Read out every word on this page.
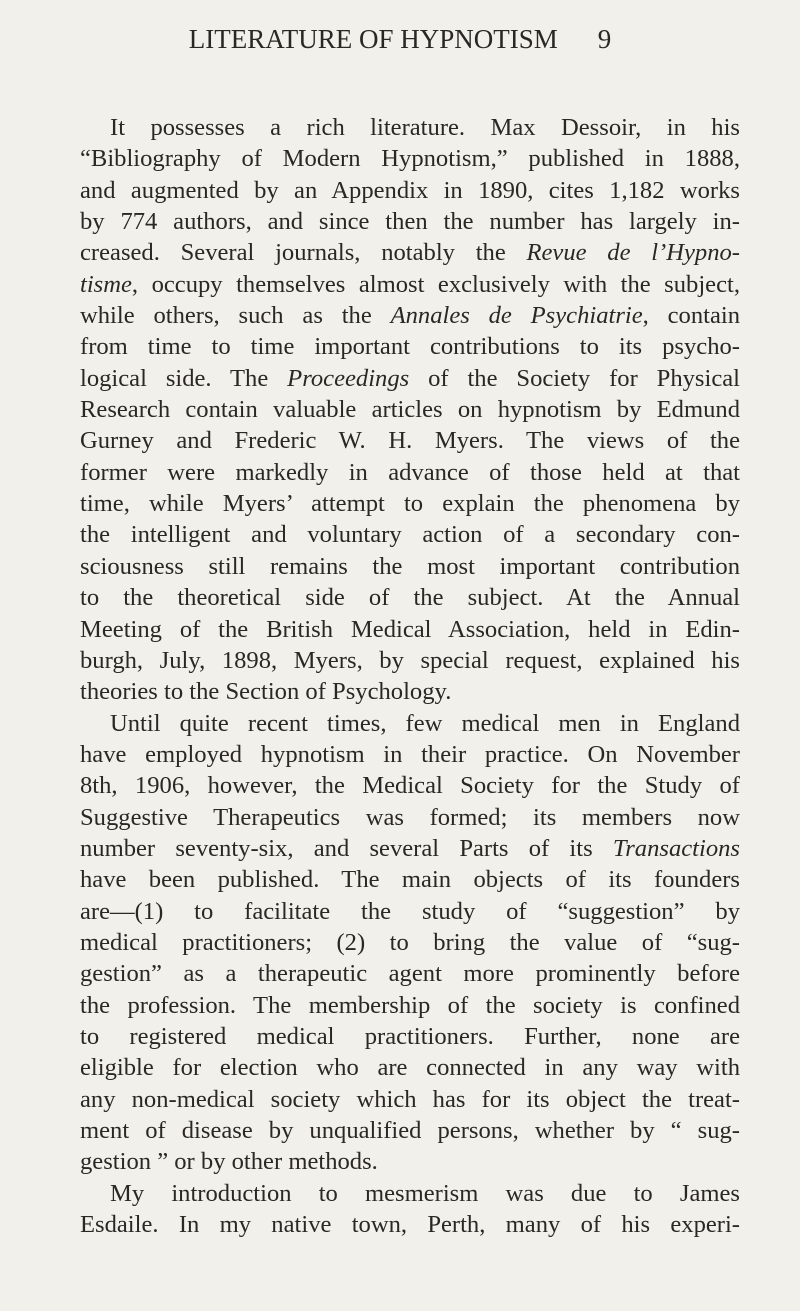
LITERATURE OF HYPNOTISM 9
It possesses a rich literature. Max Dessoir, in his
“Bibliography of Modern Hypnotism,” published in 1888,
and augmented by an Appendix in 1890, cites 1,182 works
by 774 authors, and since then the number has largely in-
creased. Several journals, notably the Revue de l’Hypno-
tisme, occupy themselves almost exclusively with the subject,
while others, such as the Annales de Psychiatrie, contain
from time to time important contributions to its psycho-
logical side. The Proceedings of the Society for Physical
Research contain valuable articles on hypnotism by Edmund
Gurney and Frederic W. H. Myers. The views of the
former were markedly in advance of those held at that
time, while Myers’ attempt to explain the phenomena by
the intelligent and voluntary action of a secondary con-
sciousness still remains the most important contribution
to the theoretical side of the subject. At the Annual
Meeting of the British Medical Association, held in Edin-
burgh, July, 1898, Myers, by special request, explained his
theories to the Section of Psychology.
Until quite recent times, few medical men in England
have employed hypnotism in their practice. On November
8th, 1906, however, the Medical Society for the Study of
Suggestive Therapeutics was formed; its members now
number seventy-six, and several Parts of its Transactions
have been published. The main objects of its founders
are—(1) to facilitate the study of “suggestion” by
medical practitioners; (2) to bring the value of “sug-
gestion” as a therapeutic agent more prominently before
the profession. The membership of the society is confined
to registered medical practitioners. Further, none are
eligible for election who are connected in any way with
any non-medical society which has for its object the treat-
ment of disease by unqualified persons, whether by “ sug-
gestion ” or by other methods.
My introduction to mesmerism was due to James
Esdaile. In my native town, Perth, many of his experi-
